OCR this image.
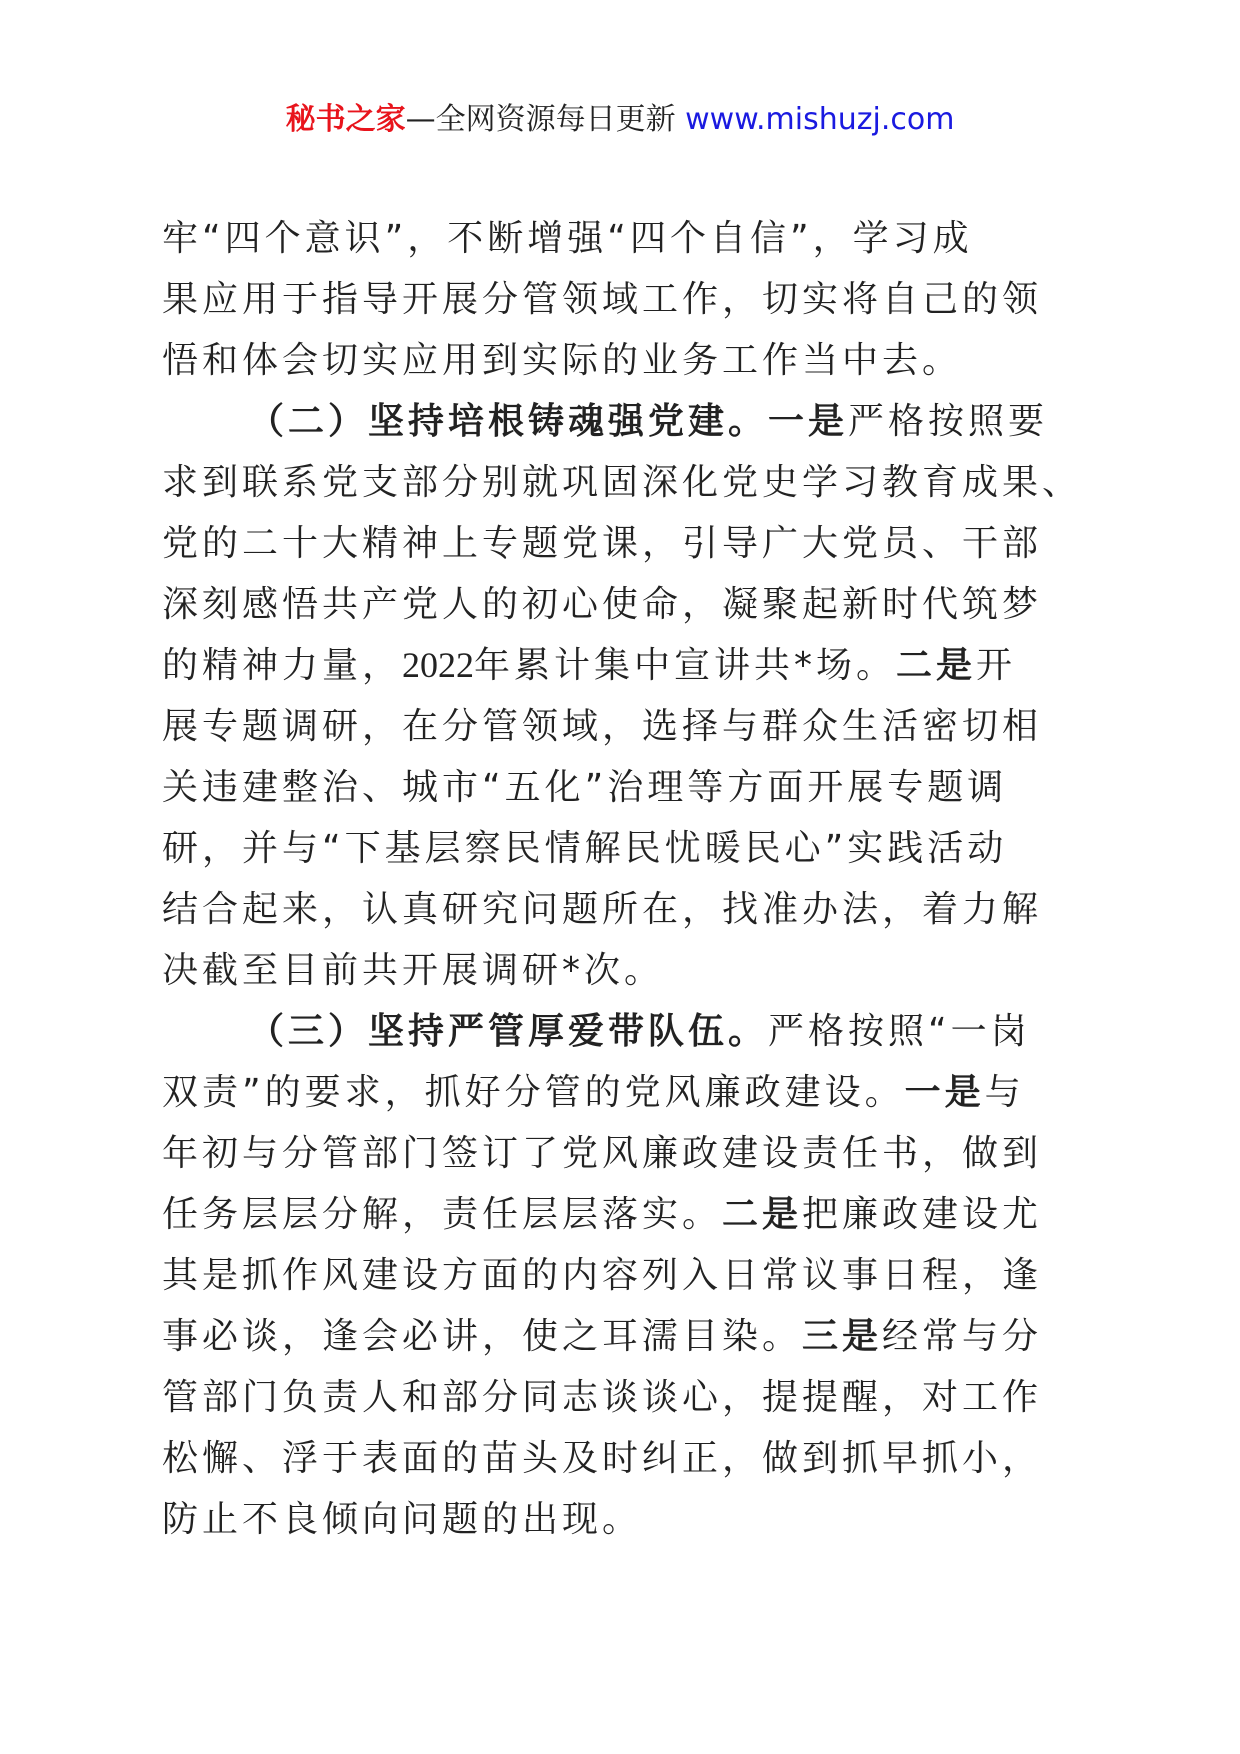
秘书之家—全网资源每日更新 www.mishuzj.com
牢“四个意识”，不断增强“四个自信”，学习成
果应用于指导开展分管领域工作，切实将自己的领
悟和体会切实应用到实际的业务工作当中去。
（二）坚持培根铸魂强党建。一是严格按照要
求到联系党支部分别就巩固深化党史学习教育成果、
党的二十大精神上专题党课，引导广大党员、干部
深刻感悟共产党人的初心使命，凝聚起新时代筑梦
的精神力量，2022年累计集中宣讲共*场。二是开
展专题调研，在分管领域，选择与群众生活密切相
关违建整治、城市“五化”治理等方面开展专题调
研，并与“下基层察民情解民忧暖民心”实践活动
结合起来，认真研究问题所在，找准办法，着力解
决截至目前共开展调研*次。
（三）坚持严管厚爱带队伍。严格按照“一岗
双责”的要求，抓好分管的党风廉政建设。一是与
年初与分管部门签订了党风廉政建设责任书，做到
任务层层分解，责任层层落实。二是把廉政建设尤
其是抓作风建设方面的内容列入日常议事日程，逢
事必谈，逢会必讲，使之耳濡目染。三是经常与分
管部门负责人和部分同志谈谈心，提提醒，对工作
松懈、浮于表面的苗头及时纠正，做到抓早抓小，
防止不良倾向问题的出现。
